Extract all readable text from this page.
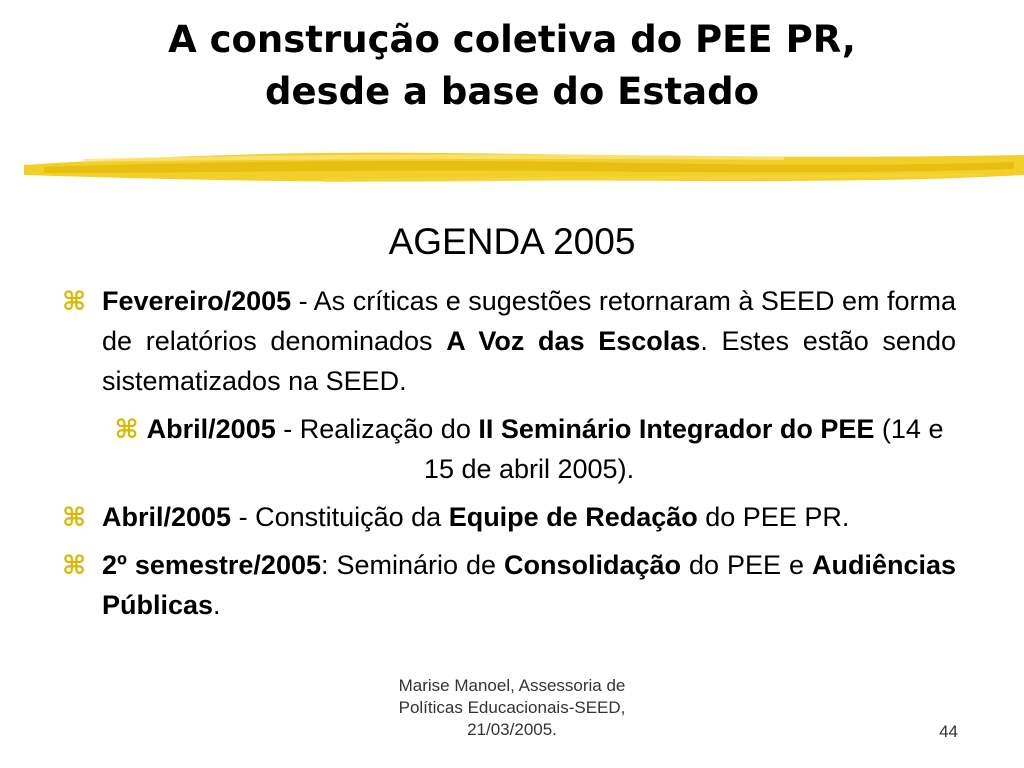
A construção coletiva do PEE PR,
desde a base do Estado
AGENDA 2005

⌘ Fevereiro/2005 - As críticas e sugestões retornaram à SEED em forma de relatórios denominados A Voz das Escolas. Estes estão sendo sistematizados na SEED.

⌘ Abril/2005 - Realização do II Seminário Integrador do PEE (14 e 15 de abril 2005).

⌘ Abril/2005 - Constituição da Equipe de Redação do PEE PR.

⌘ 2º semestre/2005: Seminário de Consolidação do PEE e Audiências Públicas.

Marise Manoel, Assessoria de
Políticas Educacionais-SEED,
21/03/2005.	44
